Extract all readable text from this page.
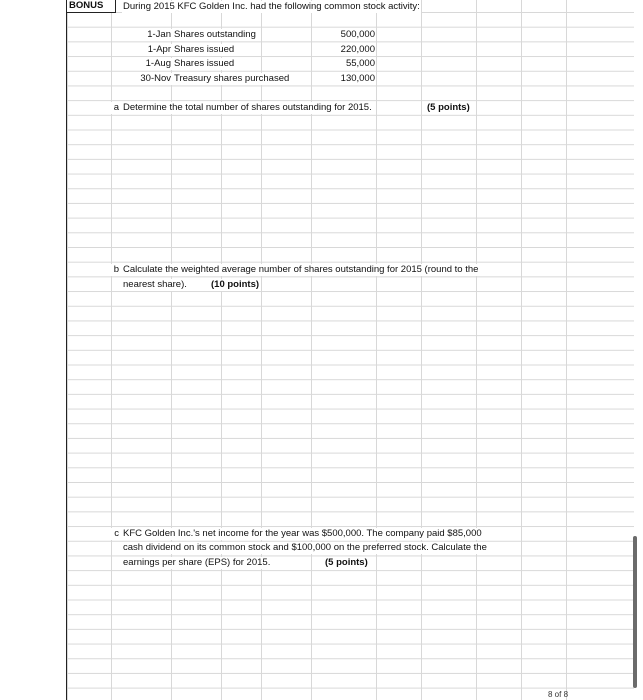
BONUS	During 2015 KFC Golden Inc. had the following common stock activity:
1-Jan Shares outstanding	500,000
1-Apr Shares issued	220,000
1-Aug Shares issued	55,000
30-Nov Treasury shares purchased	130,000
a Determine the total number of shares outstanding for 2015.	(5 points)
b Calculate the weighted average number of shares outstanding for 2015 (round to the
nearest share).	(10 points)
c KFC Golden Inc.'s net income for the year was $500,000. The company paid $85,000
cash dividend on its common stock and $100,000 on the preferred stock. Calculate the
earnings per share (EPS) for 2015.	(5 points)
8 of 8
